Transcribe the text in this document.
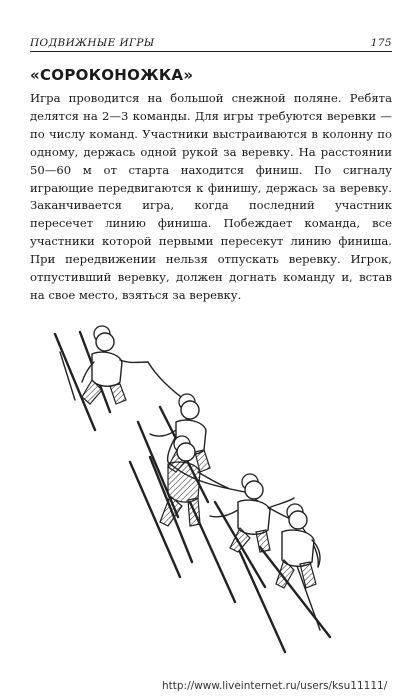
ПОДВИЖНЫЕ ИГРЫ	175
«СОРОКОНОЖКА»
Игра проводится на большой снежной поляне. Ребята делятся на 2—3 команды. Для игры требуются веревки — по числу команд. Участники выстраиваются в колонну по одному, держась одной рукой за веревку. На расстоянии 50—60 м от старта находится финиш. По сигналу играющие передвигаются к финишу, держась за веревку. Заканчивается игра, когда последний участник пересечет линию финиша. Побеждает команда, все участники которой первыми пересекут линию финиша. При передвижении нельзя отпускать веревку. Игрок, отпустивший веревку, должен догнать команду и, встав на свое место, взяться за веревку.
http://www.liveinternet.ru/users/ksu11111/
